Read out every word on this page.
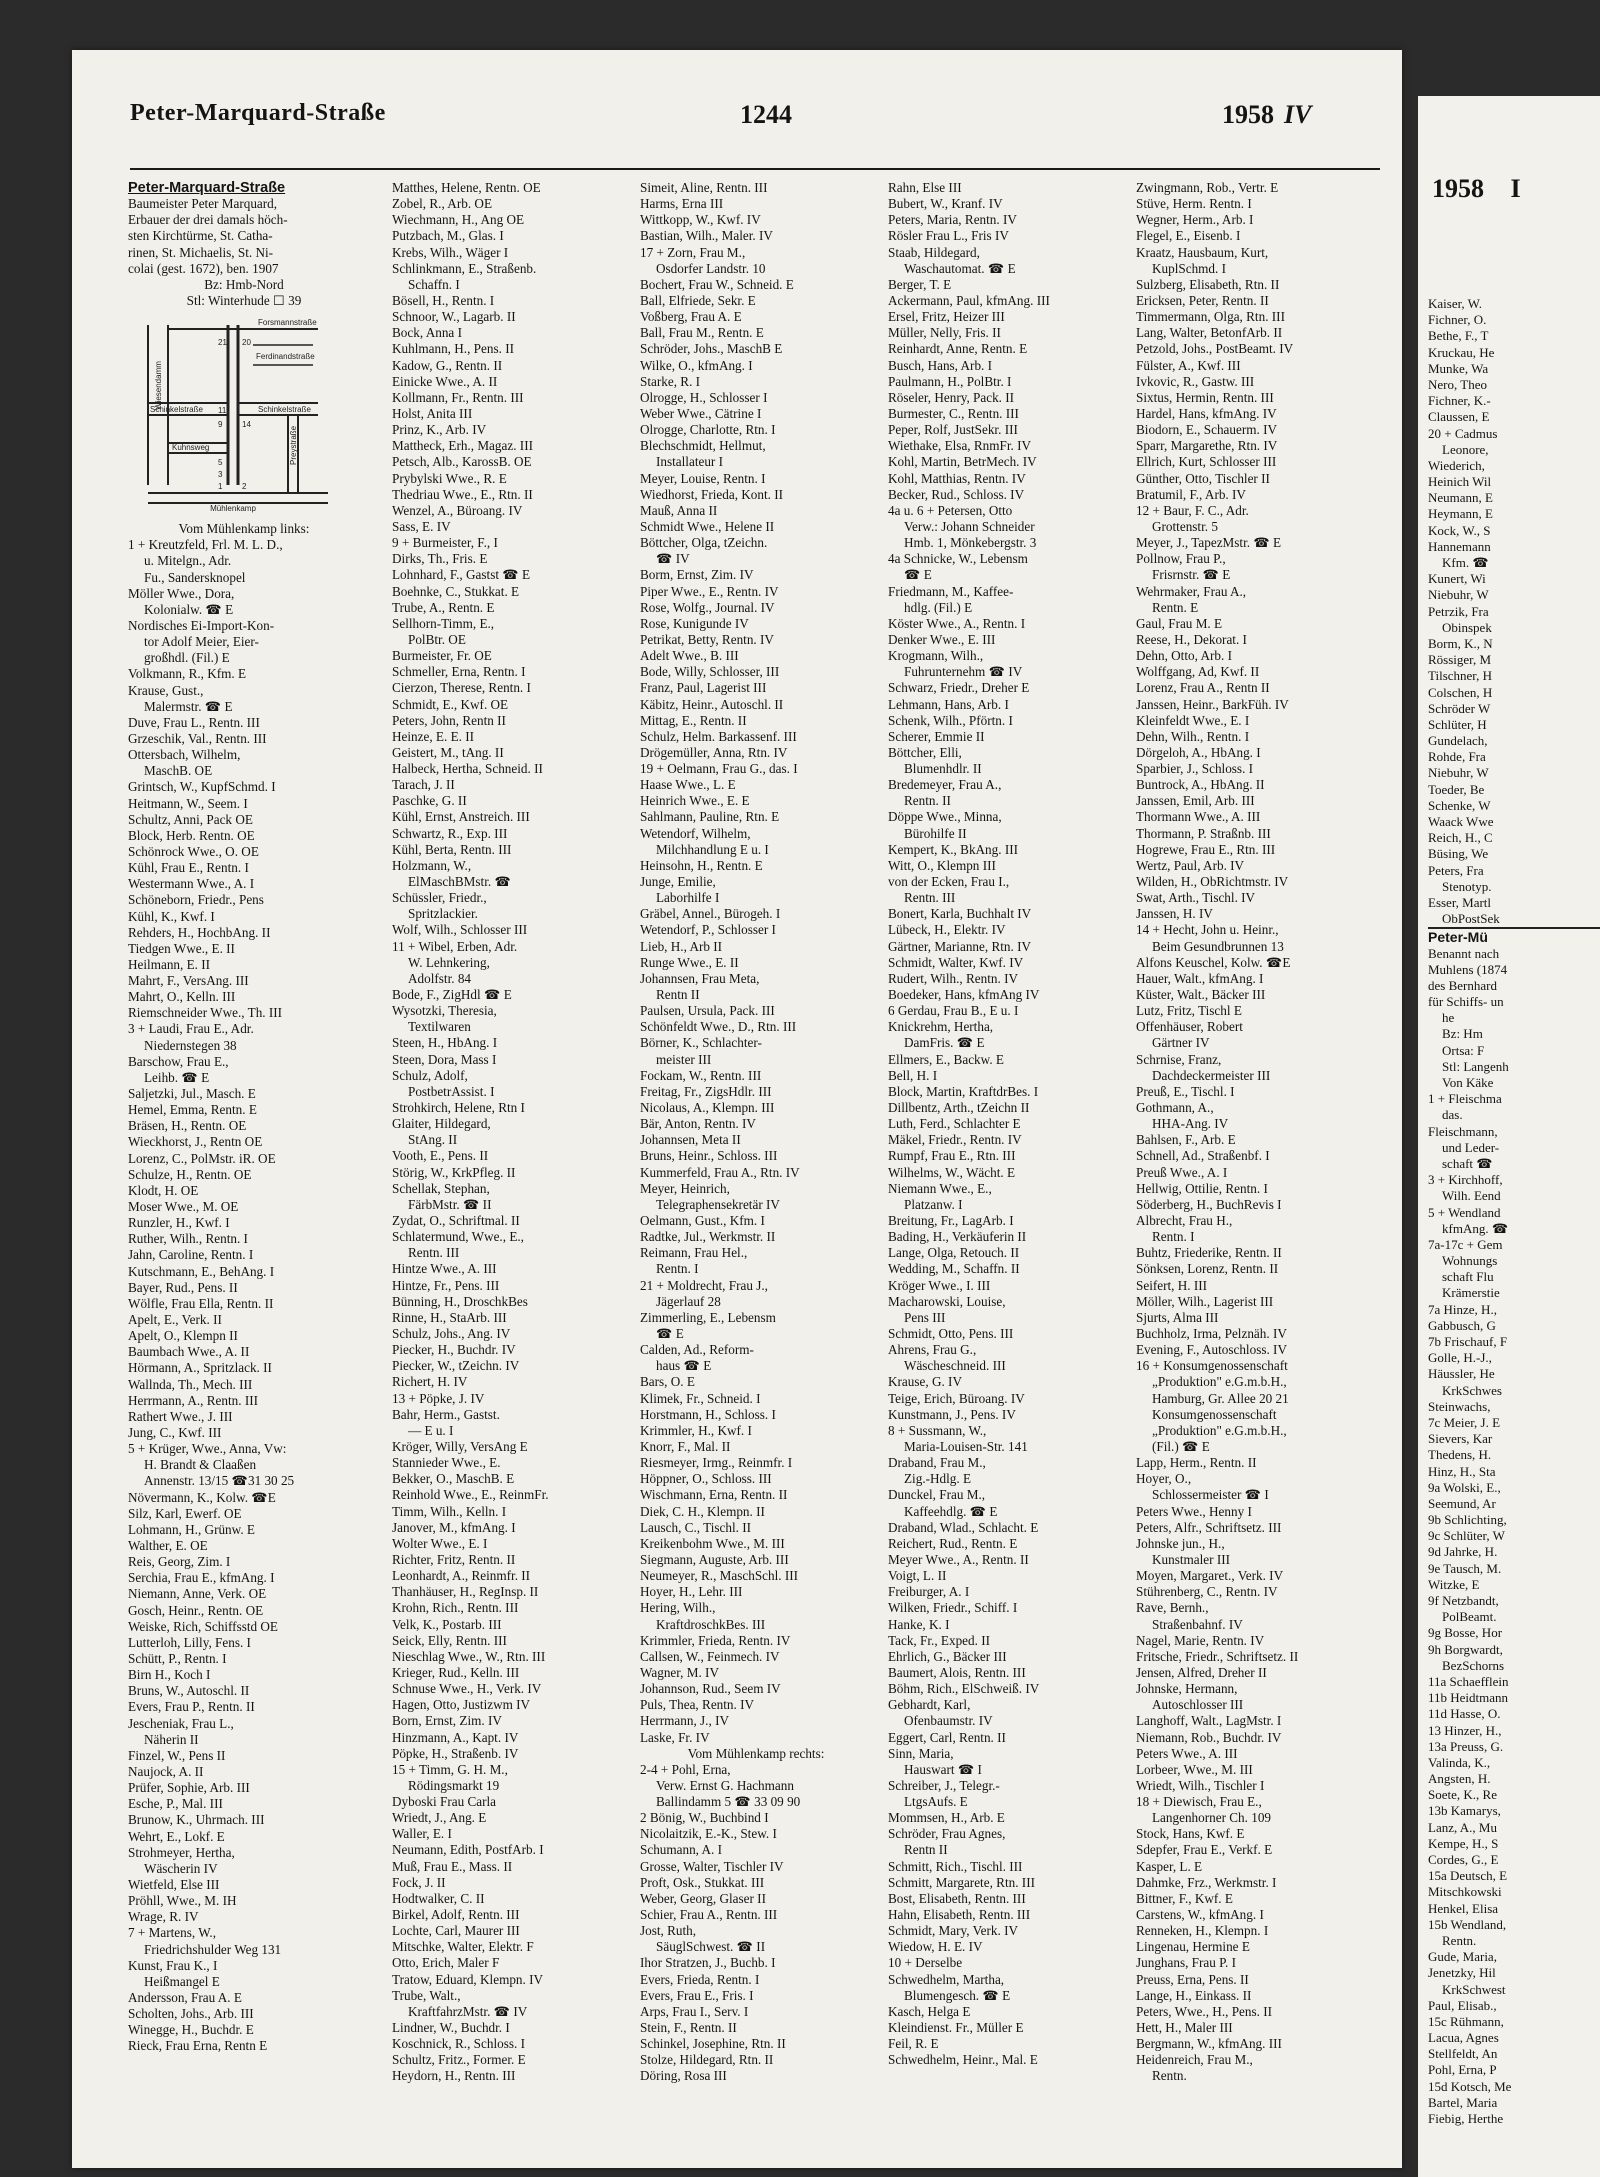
1958 I
Kaiser, W.
Fichner, O.
Bethe, F., T
Kruckau, He
Munke, Wa
Nero, Theo
Fichner, K.-
Claussen, E
20 + Cadmus
Leonore,
Wiederich,
Heinich Wil
Neumann, E
Heymann, E
Kock, W., S
Hannemann
Kfm. ☎
Kunert, Wi
Niebuhr, W
Petrzik, Fra
Obinspek
Borm, K., N
Rössiger, M
Tilschner, H
Colschen, H
Schröder W
Schlüter, H
Gundelach,
Rohde, Fra
Niebuhr, W
Toeder, Be
Schenke, W
Waack Wwe
Reich, H., C
Büsing, We
Peters, Fra
Stenotyp.
Esser, Martl
ObPostSek
Peter-Mü
Benannt nach
Muhlens (1874
des Bernhard
für Schiffs- un
he
Bz: Hm
Ortsa: F
Stl: Langenh
Von Käke
1 + Fleischma
das.
Fleischmann,
und Leder-
schaft ☎
3 + Kirchhoff,
Wilh. Eend
5 + Wendland
kfmAng. ☎
7a-17c + Gem
Wohnungs
schaft Flu
Krämerstie
7a Hinze, H.,
Gabbusch, G
7b Frischauf, F
Golle, H.-J.,
Häussler, He
KrkSchwes
Steinwachs,
7c Meier, J. E
Sievers, Kar
Thedens, H.
Hinz, H., Sta
9a Wolski, E.,
Seemund, Ar
9b Schlichting,
9c Schlüter, W
9d Jahrke, H.
9e Tausch, M.
Witzke, E
9f Netzbandt,
PolBeamt.
9g Bosse, Hor
9h Borgwardt,
BezSchorns
11a Schaefflein
11b Heidtmann
11d Hasse, O.
13 Hinzer, H.,
13a Preuss, G.
Valinda, K.,
Angsten, H.
Soete, K., Re
13b Kamarys,
Lanz, A., Mu
Kempe, H., S
Cordes, G., E
15a Deutsch, E
Mitschkowski
Henkel, Elisa
15b Wendland,
Rentn.
Gude, Maria,
Jenetzky, Hil
KrkSchwest
Paul, Elisab.,
15c Rühmann,
Lacua, Agnes
Stellfeldt, An
Pohl, Erna, P
15d Kotsch, Me
Bartel, Maria
Fiebig, Herthe
Peter-Marquard-Straße	1244	1958 IV
Peter-Marquard-Straße
Baumeister Peter Marquard,
Erbauer der drei damals höch-
sten Kirchtürme, St. Catha-
rinen, St. Michaelis, St. Ni-
colai (gest. 1672), ben. 1907
Bz: Hmb-Nord
Stl: Winterhude ☐ 39
Forsmannstraße
Ferdinandstraße
Mühlenkamp
Schinkelstraße	Schinkelstraße
Kuhnsweg	Preystraße
Wiesendamm
21 20
11
9
5
3
1
14
2
Vom Mühlenkamp links:
1 + Kreutzfeld, Frl. M. L. D.,
u. Mitelgn., Adr.
Fu., Sandersknopel
Möller Wwe., Dora,
Kolonialw. ☎ E
Nordisches Ei-Import-Kon-
tor Adolf Meier, Eier-
großhdl. (Fil.) E
Volkmann, R., Kfm. E
Krause, Gust.,
Malermstr. ☎ E
Duve, Frau L., Rentn. III
Grzeschik, Val., Rentn. III
Ottersbach, Wilhelm,
MaschB. OE
Grintsch, W., KupfSchmd. I
Heitmann, W., Seem. I
Schultz, Anni, Pack OE
Block, Herb. Rentn. OE
Schönrock Wwe., O. OE
Kühl, Frau E., Rentn. I
Westermann Wwe., A. I
Schöneborn, Friedr., Pens
Kühl, K., Kwf. I
Rehders, H., HochbAng. II
Tiedgen Wwe., E. II
Heilmann, E. II
Mahrt, F., VersAng. III
Mahrt, O., Kelln. III
Riemschneider Wwe., Th. III
3 + Laudi, Frau E., Adr.
Niedernstegen 38
Barschow, Frau E.,
Leihb. ☎ E
Saljetzki, Jul., Masch. E
Hemel, Emma, Rentn. E
Bräsen, H., Rentn. OE
Wieckhorst, J., Rentn OE
Lorenz, C., PolMstr. iR. OE
Schulze, H., Rentn. OE
Klodt, H. OE
Moser Wwe., M. OE
Runzler, H., Kwf. I
Ruther, Wilh., Rentn. I
Jahn, Caroline, Rentn. I
Kutschmann, E., BehAng. I
Bayer, Rud., Pens. II
Wölfle, Frau Ella, Rentn. II
Apelt, E., Verk. II
Apelt, O., Klempn II
Baumbach Wwe., A. II
Hörmann, A., Spritzlack. II
Wallnda, Th., Mech. III
Herrmann, A., Rentn. III
Rathert Wwe., J. III
Jung, C., Kwf. III
5 + Krüger, Wwe., Anna, Vw:
H. Brandt & Claaßen
Annenstr. 13/15 ☎31 30 25
Növermann, K., Kolw. ☎E
Silz, Karl, Ewerf. OE
Lohmann, H., Grünw. E
Walther, E. OE
Reis, Georg, Zim. I
Serchia, Frau E., kfmAng. I
Niemann, Anne, Verk. OE
Gosch, Heinr., Rentn. OE
Weiske, Rich, Schiffsstd OE
Lutterloh, Lilly, Fens. I
Schütt, P., Rentn. I
Birn H., Koch I
Bruns, W., Autoschl. II
Evers, Frau P., Rentn. II
Jescheniak, Frau L.,
Näherin II
Finzel, W., Pens II
Naujock, A. II
Prüfer, Sophie, Arb. III
Esche, P., Mal. III
Brunow, K., Uhrmach. III
Wehrt, E., Lokf. E
Strohmeyer, Hertha,
Wäscherin IV
Wietfeld, Else III
Pröhll, Wwe., M. IH
Wrage, R. IV
7 + Martens, W.,
Friedrichshulder Weg 131
Kunst, Frau K., I
Heißmangel E
Andersson, Frau A. E
Scholten, Johs., Arb. III
Winegge, H., Buchdr. E
Rieck, Frau Erna, Rentn E
Matthes, Helene, Rentn. OE
Zobel, R., Arb. OE
Wiechmann, H., Ang OE
Putzbach, M., Glas. I
Krebs, Wilh., Wäger I
Schlinkmann, E., Straßenb.
Schaffn. I
Bösell, H., Rentn. I
Schnoor, W., Lagarb. II
Bock, Anna I
Kuhlmann, H., Pens. II
Kadow, G., Rentn. II
Einicke Wwe., A. II
Kollmann, Fr., Rentn. III
Holst, Anita III
Prinz, K., Arb. IV
Mattheck, Erh., Magaz. III
Petsch, Alb., KarossB. OE
Prybylski Wwe., R. E
Thedriau Wwe., E., Rtn. II
Wenzel, A., Büroang. IV
Sass, E. IV
9 + Burmeister, F., I
Dirks, Th., Fris. E
Lohnhard, F., Gastst ☎ E
Boehnke, C., Stukkat. E
Trube, A., Rentn. E
Sellhorn-Timm, E.,
PolBtr. OE
Burmeister, Fr. OE
Schmeller, Erna, Rentn. I
Cierzon, Therese, Rentn. I
Schmidt, E., Kwf. OE
Peters, John, Rentn II
Heinze, E. E. II
Geistert, M., tAng. II
Halbeck, Hertha, Schneid. II
Tarach, J. II
Paschke, G. II
Kühl, Ernst, Anstreich. III
Schwartz, R., Exp. III
Kühl, Berta, Rentn. III
Holzmann, W.,
ElMaschBMstr. ☎
Schüssler, Friedr.,
Spritzlackier.
Wolf, Wilh., Schlosser III
11 + Wibel, Erben, Adr.
W. Lehnkering,
Adolfstr. 84
Bode, F., ZigHdl ☎ E
Wysotzki, Theresia,
Textilwaren
Steen, H., HbAng. I
Steen, Dora, Mass I
Schulz, Adolf,
PostbetrAssist. I
Strohkirch, Helene, Rtn I
Glaiter, Hildegard,
StAng. II
Vooth, E., Pens. II
Störig, W., KrkPfleg. II
Schellak, Stephan,
FärbMstr. ☎ II
Zydat, O., Schriftmal. II
Schlatermund, Wwe., E.,
Rentn. III
Hintze Wwe., A. III
Hintze, Fr., Pens. III
Bünning, H., DroschkBes
Rinne, H., StaArb. III
Schulz, Johs., Ang. IV
Piecker, H., Buchdr. IV
Piecker, W., tZeichn. IV
Richert, H. IV
13 + Pöpke, J. IV
Bahr, Herm., Gastst.
— E u. I
Kröger, Willy, VersAng E
Stannieder Wwe., E.
Bekker, O., MaschB. E
Reinhold Wwe., E., ReinmFr.
Timm, Wilh., Kelln. I
Janover, M., kfmAng. I
Wolter Wwe., E. I
Richter, Fritz, Rentn. II
Leonhardt, A., Reinmfr. II
Thanhäuser, H., RegInsp. II
Krohn, Rich., Rentn. III
Velk, K., Postarb. III
Seick, Elly, Rentn. III
Nieschlag Wwe., W., Rtn. III
Krieger, Rud., Kelln. III
Schnuse Wwe., H., Verk. IV
Hagen, Otto, Justizwm IV
Born, Ernst, Zim. IV
Hinzmann, A., Kapt. IV
Pöpke, H., Straßenb. IV
15 + Timm, G. H. M.,
Rödingsmarkt 19
Dyboski Frau Carla
Wriedt, J., Ang. E
Waller, E. I
Neumann, Edith, PostfArb. I
Muß, Frau E., Mass. II
Fock, J. II
Hodtwalker, C. II
Birkel, Adolf, Rentn. III
Lochte, Carl, Maurer III
Mitschke, Walter, Elektr. F
Otto, Erich, Maler F
Tratow, Eduard, Klempn. IV
Trube, Walt.,
KraftfahrzMstr. ☎ IV
Lindner, W., Buchdr. I
Koschnick, R., Schloss. I
Schultz, Fritz., Former. E
Heydorn, H., Rentn. III
Simeit, Aline, Rentn. III
Harms, Erna III
Wittkopp, W., Kwf. IV
Bastian, Wilh., Maler. IV
17 + Zorn, Frau M.,
Osdorfer Landstr. 10
Bochert, Frau W., Schneid. E
Ball, Elfriede, Sekr. E
Voßberg, Frau A. E
Ball, Frau M., Rentn. E
Schröder, Johs., MaschB E
Wilke, O., kfmAng. I
Starke, R. I
Olrogge, H., Schlosser I
Weber Wwe., Cätrine I
Olrogge, Charlotte, Rtn. I
Blechschmidt, Hellmut,
Installateur I
Meyer, Louise, Rentn. I
Wiedhorst, Frieda, Kont. II
Mauß, Anna II
Schmidt Wwe., Helene II
Böttcher, Olga, tZeichn.
☎ IV
Borm, Ernst, Zim. IV
Piper Wwe., E., Rentn. IV
Rose, Wolfg., Journal. IV
Rose, Kunigunde IV
Petrikat, Betty, Rentn. IV
Adelt Wwe., B. III
Bode, Willy, Schlosser, III
Franz, Paul, Lagerist III
Käbitz, Heinr., Autoschl. II
Mittag, E., Rentn. II
Schulz, Helm. Barkassenf. III
Drögemüller, Anna, Rtn. IV
19 + Oelmann, Frau G., das. I
Haase Wwe., L. E
Heinrich Wwe., E. E
Sahlmann, Pauline, Rtn. E
Wetendorf, Wilhelm,
Milchhandlung E u. I
Heinsohn, H., Rentn. E
Junge, Emilie,
Laborhilfe I
Gräbel, Annel., Bürogeh. I
Wetendorf, P., Schlosser I
Lieb, H., Arb II
Runge Wwe., E. II
Johannsen, Frau Meta,
Rentn II
Paulsen, Ursula, Pack. III
Schönfeldt Wwe., D., Rtn. III
Börner, K., Schlachter-
meister III
Fockam, W., Rentn. III
Freitag, Fr., ZigsHdlr. III
Nicolaus, A., Klempn. III
Bär, Anton, Rentn. IV
Johannsen, Meta II
Bruns, Heinr., Schloss. III
Kummerfeld, Frau A., Rtn. IV
Meyer, Heinrich,
Telegraphensekretär IV
Oelmann, Gust., Kfm. I
Radtke, Jul., Werkmstr. II
Reimann, Frau Hel.,
Rentn. I
21 + Moldrecht, Frau J.,
Jägerlauf 28
Zimmerling, E., Lebensm
☎ E
Calden, Ad., Reform-
haus ☎ E
Bars, O. E
Klimek, Fr., Schneid. I
Horstmann, H., Schloss. I
Krimmler, H., Kwf. I
Knorr, F., Mal. II
Riesmeyer, Irmg., Reinmfr. I
Höppner, O., Schloss. III
Wischmann, Erna, Rentn. II
Diek, C. H., Klempn. II
Lausch, C., Tischl. II
Kreikenbohm Wwe., M. III
Siegmann, Auguste, Arb. III
Neumeyer, R., MaschSchl. III
Hoyer, H., Lehr. III
Hering, Wilh.,
KraftdroschkBes. III
Krimmler, Frieda, Rentn. IV
Callsen, W., Feinmech. IV
Wagner, M. IV
Johannson, Rud., Seem IV
Puls, Thea, Rentn. IV
Herrmann, J., IV
Laske, Fr. IV
Vom Mühlenkamp rechts:
2-4 + Pohl, Erna,
Verw. Ernst G. Hachmann
Ballindamm 5 ☎ 33 09 90
2 Bönig, W., Buchbind I
Nicolaitzik, E.-K., Stew. I
Schumann, A. I
Grosse, Walter, Tischler IV
Proft, Osk., Stukkat. III
Weber, Georg, Glaser II
Schier, Frau A., Rentn. III
Jost, Ruth,
SäuglSchwest. ☎ II
Ihor Stratzen, J., Buchb. I
Evers, Frieda, Rentn. I
Evers, Frau E., Fris. I
Arps, Frau I., Serv. I
Stein, F., Rentn. II
Schinkel, Josephine, Rtn. II
Stolze, Hildegard, Rtn. II
Döring, Rosa III
Rahn, Else III
Bubert, W., Kranf. IV
Peters, Maria, Rentn. IV
Rösler Frau L., Fris IV
Staab, Hildegard,
Waschautomat. ☎ E
Berger, T. E
Ackermann, Paul, kfmAng. III
Ersel, Fritz, Heizer III
Müller, Nelly, Fris. II
Reinhardt, Anne, Rentn. E
Busch, Hans, Arb. I
Paulmann, H., PolBtr. I
Röseler, Henry, Pack. II
Burmester, C., Rentn. III
Peper, Rolf, JustSekr. III
Wiethake, Elsa, RnmFr. IV
Kohl, Martin, BetrMech. IV
Kohl, Matthias, Rentn. IV
Becker, Rud., Schloss. IV
4a u. 6 + Petersen, Otto
Verw.: Johann Schneider
Hmb. 1, Mönkebergstr. 3
4a Schnicke, W., Lebensm
☎ E
Friedmann, M., Kaffee-
hdlg. (Fil.) E
Köster Wwe., A., Rentn. I
Denker Wwe., E. III
Krogmann, Wilh.,
Fuhrunternehm ☎ IV
Schwarz, Friedr., Dreher E
Lehmann, Hans, Arb. I
Schenk, Wilh., Pförtn. I
Scherer, Emmie II
Böttcher, Elli,
Blumenhdlr. II
Bredemeyer, Frau A.,
Rentn. II
Döppe Wwe., Minna,
Bürohilfe II
Kempert, K., BkAng. III
Witt, O., Klempn III
von der Ecken, Frau I.,
Rentn. III
Bonert, Karla, Buchhalt IV
Lübeck, H., Elektr. IV
Gärtner, Marianne, Rtn. IV
Schmidt, Walter, Kwf. IV
Rudert, Wilh., Rentn. IV
Boedeker, Hans, kfmAng IV
6 Gerdau, Frau B., E u. I
Knickrehm, Hertha,
DamFris. ☎ E
Ellmers, E., Backw. E
Bell, H. I
Block, Martin, KraftdrBes. I
Dillbentz, Arth., tZeichn II
Luth, Ferd., Schlachter E
Mäkel, Friedr., Rentn. IV
Rumpf, Frau E., Rtn. III
Wilhelms, W., Wächt. E
Niemann Wwe., E.,
Platzanw. I
Breitung, Fr., LagArb. I
Bading, H., Verkäuferin II
Lange, Olga, Retouch. II
Wedding, M., Schaffn. II
Kröger Wwe., I. III
Macharowski, Louise,
Pens III
Schmidt, Otto, Pens. III
Ahrens, Frau G.,
Wäscheschneid. III
Krause, G. IV
Teige, Erich, Büroang. IV
Kunstmann, J., Pens. IV
8 + Sussmann, W.,
Maria-Louisen-Str. 141
Draband, Frau M.,
Zig.-Hdlg. E
Dunckel, Frau M.,
Kaffeehdlg. ☎ E
Draband, Wlad., Schlacht. E
Reichert, Rud., Rentn. E
Meyer Wwe., A., Rentn. II
Voigt, L. II
Freiburger, A. I
Wilken, Friedr., Schiff. I
Hanke, K. I
Tack, Fr., Exped. II
Ehrlich, G., Bäcker III
Baumert, Alois, Rentn. III
Böhm, Rich., ElSchweiß. IV
Gebhardt, Karl,
Ofenbaumstr. IV
Eggert, Carl, Rentn. II
Sinn, Maria,
Hauswart ☎ I
Schreiber, J., Telegr.-
LtgsAufs. E
Mommsen, H., Arb. E
Schröder, Frau Agnes,
Rentn II
Schmitt, Rich., Tischl. III
Schmitt, Margarete, Rtn. III
Bost, Elisabeth, Rentn. III
Hahn, Elisabeth, Rentn. III
Schmidt, Mary, Verk. IV
Wiedow, H. E. IV
10 + Derselbe
Schwedhelm, Martha,
Blumengesch. ☎ E
Kasch, Helga E
Kleindienst. Fr., Müller E
Feil, R. E
Schwedhelm, Heinr., Mal. E
Zwingmann, Rob., Vertr. E
Stüve, Herm. Rentn. I
Wegner, Herm., Arb. I
Flegel, E., Eisenb. I
Kraatz, Hausbaum, Kurt,
KuplSchmd. I
Sulzberg, Elisabeth, Rtn. II
Ericksen, Peter, Rentn. II
Timmermann, Olga, Rtn. III
Lang, Walter, BetonfArb. II
Petzold, Johs., PostBeamt. IV
Fülster, A., Kwf. III
Ivkovic, R., Gastw. III
Sixtus, Hermin, Rentn. III
Hardel, Hans, kfmAng. IV
Biodorn, E., Schauerm. IV
Sparr, Margarethe, Rtn. IV
Ellrich, Kurt, Schlosser III
Günther, Otto, Tischler II
Bratumil, F., Arb. IV
12 + Baur, F. C., Adr.
Grottenstr. 5
Meyer, J., TapezMstr. ☎ E
Pollnow, Frau P.,
Frisrnstr. ☎ E
Wehrmaker, Frau A.,
Rentn. E
Gaul, Frau M. E
Reese, H., Dekorat. I
Dehn, Otto, Arb. I
Wolffgang, Ad, Kwf. II
Lorenz, Frau A., Rentn II
Janssen, Heinr., BarkFüh. IV
Kleinfeldt Wwe., E. I
Dehn, Wilh., Rentn. I
Dörgeloh, A., HbAng. I
Sparbier, J., Schloss. I
Buntrock, A., HbAng. II
Janssen, Emil, Arb. III
Thormann Wwe., A. III
Thormann, P. Straßnb. III
Hogrewe, Frau E., Rtn. III
Wertz, Paul, Arb. IV
Wilden, H., ObRichtmstr. IV
Swat, Arth., Tischl. IV
Janssen, H. IV
14 + Hecht, John u. Heinr.,
Beim Gesundbrunnen 13
Alfons Keuschel, Kolw. ☎E
Hauer, Walt., kfmAng. I
Küster, Walt., Bäcker III
Lutz, Fritz, Tischl E
Offenhäuser, Robert
Gärtner IV
Schrnise, Franz,
Dachdeckermeister III
Preuß, E., Tischl. I
Gothmann, A.,
HHA-Ang. IV
Bahlsen, F., Arb. E
Schnell, Ad., Straßenbf. I
Preuß Wwe., A. I
Hellwig, Ottilie, Rentn. I
Söderberg, H., BuchRevis I
Albrecht, Frau H.,
Rentn. I
Buhtz, Friederike, Rentn. II
Sönksen, Lorenz, Rentn. II
Seifert, H. III
Möller, Wilh., Lagerist III
Sjurts, Alma III
Buchholz, Irma, Pelznäh. IV
Evening, F., Autoschloss. IV
16 + Konsumgenossenschaft
„Produktion" e.G.m.b.H.,
Hamburg, Gr. Allee 20 21
Konsumgenossenschaft
„Produktion" e.G.m.b.H.,
(Fil.) ☎ E
Lapp, Herm., Rentn. II
Hoyer, O.,
Schlossermeister ☎ I
Peters Wwe., Henny I
Peters, Alfr., Schriftsetz. III
Johnske jun., H.,
Kunstmaler III
Moyen, Margaret., Verk. IV
Stührenberg, C., Rentn. IV
Rave, Bernh.,
Straßenbahnf. IV
Nagel, Marie, Rentn. IV
Fritsche, Friedr., Schriftsetz. II
Jensen, Alfred, Dreher II
Johnske, Hermann,
Autoschlosser III
Langhoff, Walt., LagMstr. I
Niemann, Rob., Buchdr. IV
Peters Wwe., A. III
Lorbeer, Wwe., M. III
Wriedt, Wilh., Tischler I
18 + Diewisch, Frau E.,
Langenhorner Ch. 109
Stock, Hans, Kwf. E
Sdepfer, Frau E., Verkf. E
Kasper, L. E
Dahmke, Frz., Werkmstr. I
Bittner, F., Kwf. E
Carstens, W., kfmAng. I
Renneken, H., Klempn. I
Lingenau, Hermine E
Junghans, Frau P. I
Preuss, Erna, Pens. II
Lange, H., Einkass. II
Peters, Wwe., H., Pens. II
Hett, H., Maler III
Bergmann, W., kfmAng. III
Heidenreich, Frau M.,
Rentn.
